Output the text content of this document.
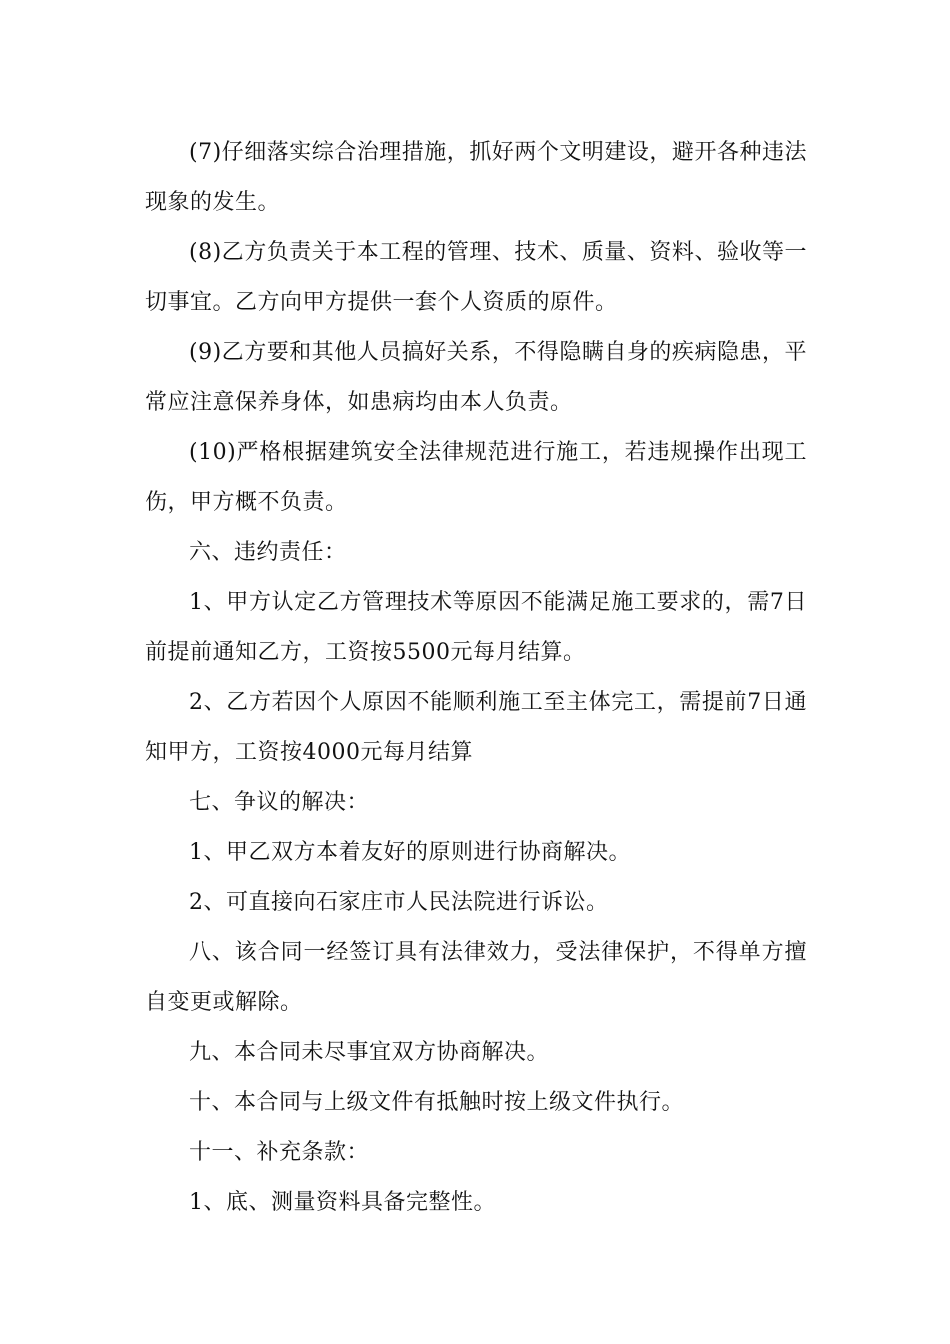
(7)仔细落实综合治理措施，抓好两个文明建设，避开各种违法现象的发生。

(8)乙方负责关于本工程的管理、技术、质量、资料、验收等一切事宜。乙方向甲方提供一套个人资质的原件。

(9)乙方要和其他人员搞好关系，不得隐瞒自身的疾病隐患，平常应注意保养身体，如患病均由本人负责。

(10)严格根据建筑安全法律规范进行施工，若违规操作出现工伤，甲方概不负责。

六、违约责任：

1、甲方认定乙方管理技术等原因不能满足施工要求的，需7日前提前通知乙方，工资按5500元每月结算。

2、乙方若因个人原因不能顺利施工至主体完工，需提前7日通知甲方，工资按4000元每月结算

七、争议的解决：

1、甲乙双方本着友好的原则进行协商解决。

2、可直接向石家庄市人民法院进行诉讼。

八、该合同一经签订具有法律效力，受法律保护，不得单方擅自变更或解除。

九、本合同未尽事宜双方协商解决。

十、本合同与上级文件有抵触时按上级文件执行。

十一、补充条款：

1、底、测量资料具备完整性。
